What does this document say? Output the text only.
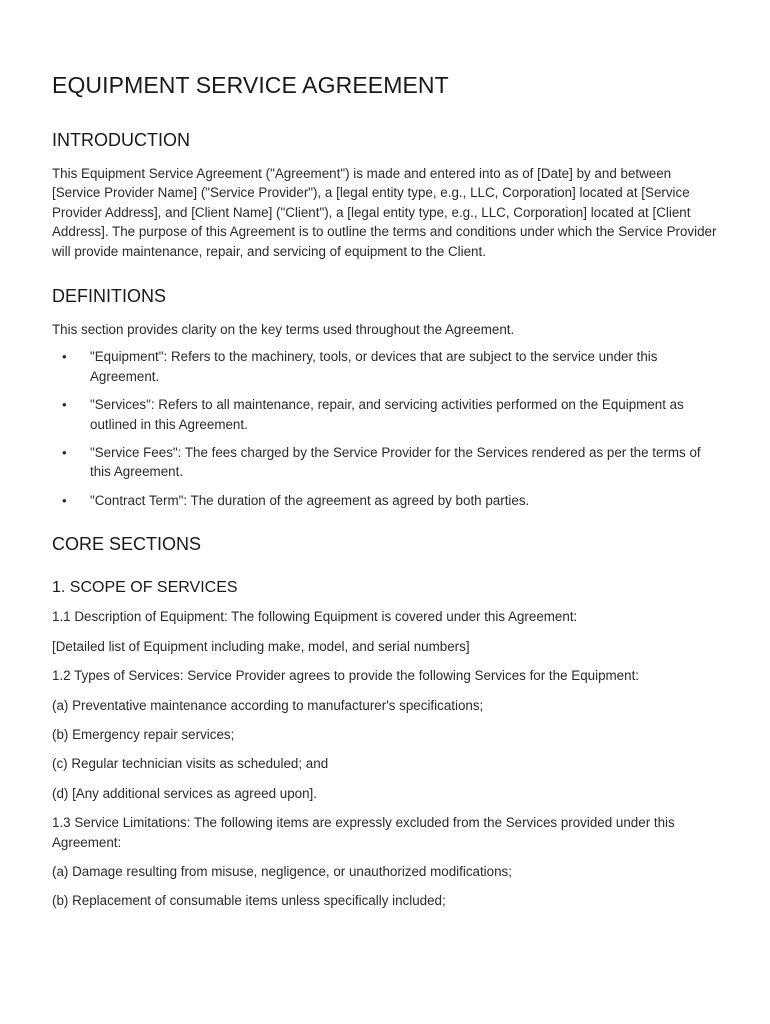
EQUIPMENT SERVICE AGREEMENT
INTRODUCTION

This Equipment Service Agreement ("Agreement") is made and entered into as of [Date] by and between [Service Provider Name] ("Service Provider"), a [legal entity type, e.g., LLC, Corporation] located at [Service Provider Address], and [Client Name] ("Client"), a [legal entity type, e.g., LLC, Corporation] located at [Client Address]. The purpose of this Agreement is to outline the terms and conditions under which the Service Provider will provide maintenance, repair, and servicing of equipment to the Client.

DEFINITIONS

This section provides clarity on the key terms used throughout the Agreement.

• "Equipment": Refers to the machinery, tools, or devices that are subject to the service under this Agreement.
• "Services": Refers to all maintenance, repair, and servicing activities performed on the Equipment as outlined in this Agreement.
• "Service Fees": The fees charged by the Service Provider for the Services rendered as per the terms of this Agreement.
• "Contract Term": The duration of the agreement as agreed by both parties.
CORE SECTIONS
1. SCOPE OF SERVICES

1.1 Description of Equipment: The following Equipment is covered under this Agreement:

[Detailed list of Equipment including make, model, and serial numbers]

1.2 Types of Services: Service Provider agrees to provide the following Services for the Equipment:

(a) Preventative maintenance according to manufacturer's specifications;

(b) Emergency repair services;

(c) Regular technician visits as scheduled; and

(d) [Any additional services as agreed upon].

1.3 Service Limitations: The following items are expressly excluded from the Services provided under this Agreement:

(a) Damage resulting from misuse, negligence, or unauthorized modifications;

(b) Replacement of consumable items unless specifically included;
